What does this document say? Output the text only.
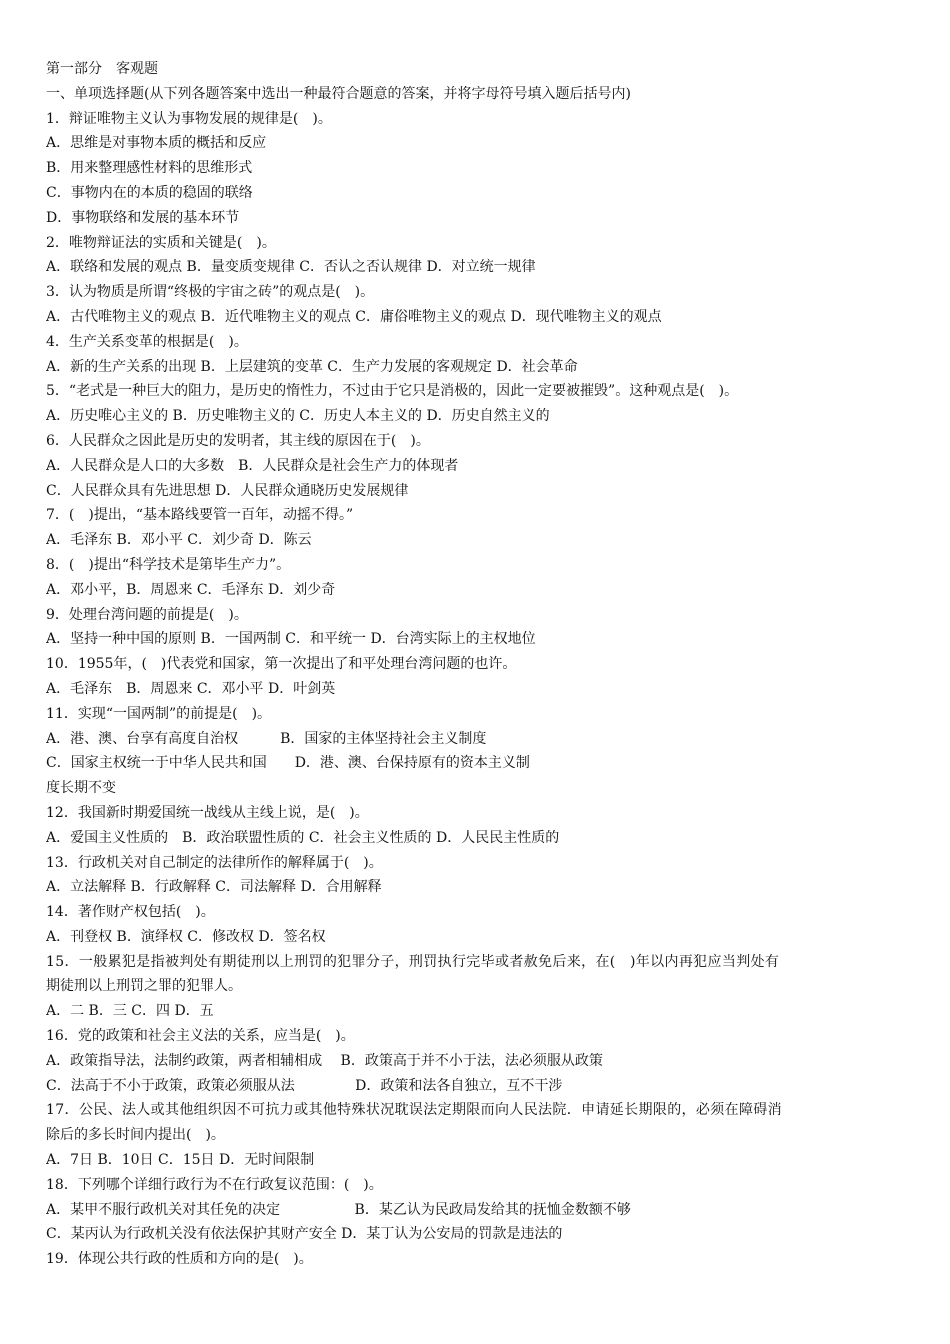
第一部分　客观题
一、单项选择题(从下列各题答案中选出一种最符合题意的答案，并将字母符号填入题后括号内)
1．辩证唯物主义认为事物发展的规律是(　)。
A．思维是对事物本质的概括和反应
B．用来整理感性材料的思维形式
C．事物内在的本质的稳固的联络
D．事物联络和发展的基本环节
2．唯物辩证法的实质和关键是(　)。
A．联络和发展的观点 B．量变质变规律 C．否认之否认规律 D．对立统一规律
3．认为物质是所谓“终极的宇宙之砖”的观点是(　)。
A．古代唯物主义的观点 B．近代唯物主义的观点 C．庸俗唯物主义的观点 D．现代唯物主义的观点
4．生产关系变革的根据是(　)。
A．新的生产关系的出现 B．上层建筑的变革 C．生产力发展的客观规定 D．社会革命
5．“老式是一种巨大的阻力，是历史的惰性力，不过由于它只是消极的，因此一定要被摧毁”。这种观点是(　)。
A．历史唯心主义的 B．历史唯物主义的 C．历史人本主义的 D．历史自然主义的
6．人民群众之因此是历史的发明者，其主线的原因在于(　)。
A．人民群众是人口的大多数　B．人民群众是社会生产力的体现者
C．人民群众具有先进思想 D．人民群众通晓历史发展规律
7．(　)提出，“基本路线要管一百年，动摇不得。”
A．毛泽东 B．邓小平 C．刘少奇 D．陈云
8．(　)提出“科学技术是第毕生产力”。
A．邓小平，B．周恩来 C．毛泽东 D．刘少奇
9．处理台湾问题的前提是(　)。
A．坚持一种中国的原则 B．一国两制 C．和平统一 D．台湾实际上的主权地位
10．1955年，(　)代表党和国家，第一次提出了和平处理台湾问题的也许。
A．毛泽东　B．周恩来 C．邓小平 D．叶剑英
11．实现“一国两制”的前提是(　)。
A．港、澳、台享有高度自治权　　　B．国家的主体坚持社会主义制度
C．国家主权统一于中华人民共和国　　D．港、澳、台保持原有的资本主义制
度长期不变
12．我国新时期爱国统一战线从主线上说，是(　)。
A．爱国主义性质的　B．政治联盟性质的 C．社会主义性质的 D．人民民主性质的
13．行政机关对自己制定的法律所作的解释属于(　)。
A．立法解释 B．行政解释 C．司法解释 D．合用解释
14．著作财产权包括(　)。
A．刊登权 B．演绎权 C．修改权 D．签名权
15．一般累犯是指被判处有期徒刑以上刑罚的犯罪分子，刑罚执行完毕或者赦免后来，在(　)年以内再犯应当判处有
期徒刑以上刑罚之罪的犯罪人。
A．二 B．三 C．四 D．五
16．党的政策和社会主义法的关系，应当是(　)。
A．政策指导法，法制约政策，两者相辅相成　 B．政策高于并不小于法，法必须服从政策
C．法高于不小于政策，政策必须服从法　　　　 D．政策和法各自独立，互不干涉
17．公民、法人或其他组织因不可抗力或其他特殊状况耽误法定期限而向人民法院．申请延长期限的，必须在障碍消
除后的多长时间内提出(　)。
A．7日 B．10日 C．15日 D．无时间限制
18．下列哪个详细行政行为不在行政复议范围：(　)。
A．某甲不服行政机关对其任免的决定　　　　　 B．某乙认为民政局发给其的抚恤金数额不够
C．某丙认为行政机关没有依法保护其财产安全 D．某丁认为公安局的罚款是违法的
19．体现公共行政的性质和方向的是(　)。
